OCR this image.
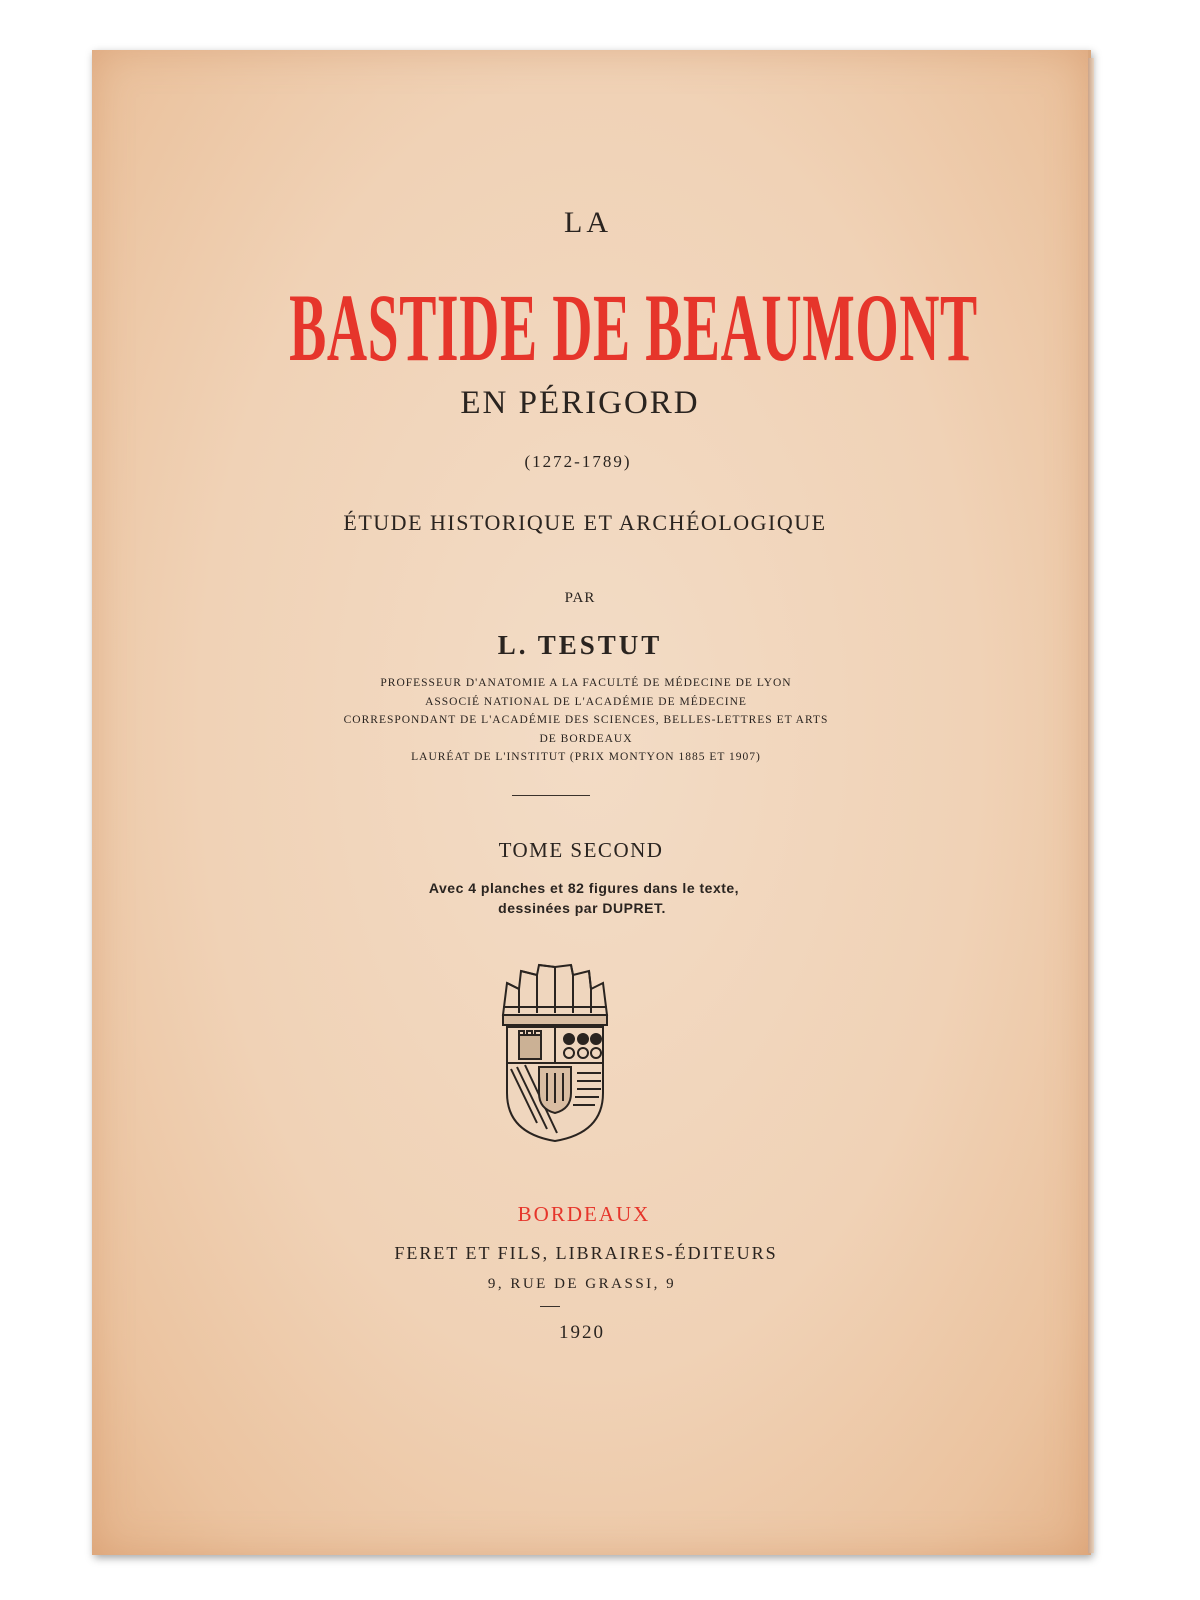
LA
BASTIDE DE BEAUMONT
EN PÉRIGORD
(1272-1789)
ÉTUDE HISTORIQUE ET ARCHÉOLOGIQUE
PAR
L. TESTUT
PROFESSEUR D'ANATOMIE A LA FACULTÉ DE MÉDECINE DE LYON
ASSOCIÉ NATIONAL DE L'ACADÉMIE DE MÉDECINE
CORRESPONDANT DE L'ACADÉMIE DES SCIENCES, BELLES-LETTRES ET ARTS
DE BORDEAUX
LAURÉAT DE L'INSTITUT (PRIX MONTYON 1885 ET 1907)
TOME SECOND
Avec 4 planches et 82 figures dans le texte,
dessinées par DUPRET.
BORDEAUX
FERET ET FILS, LIBRAIRES-ÉDITEURS
9, RUE DE GRASSI, 9
1920
